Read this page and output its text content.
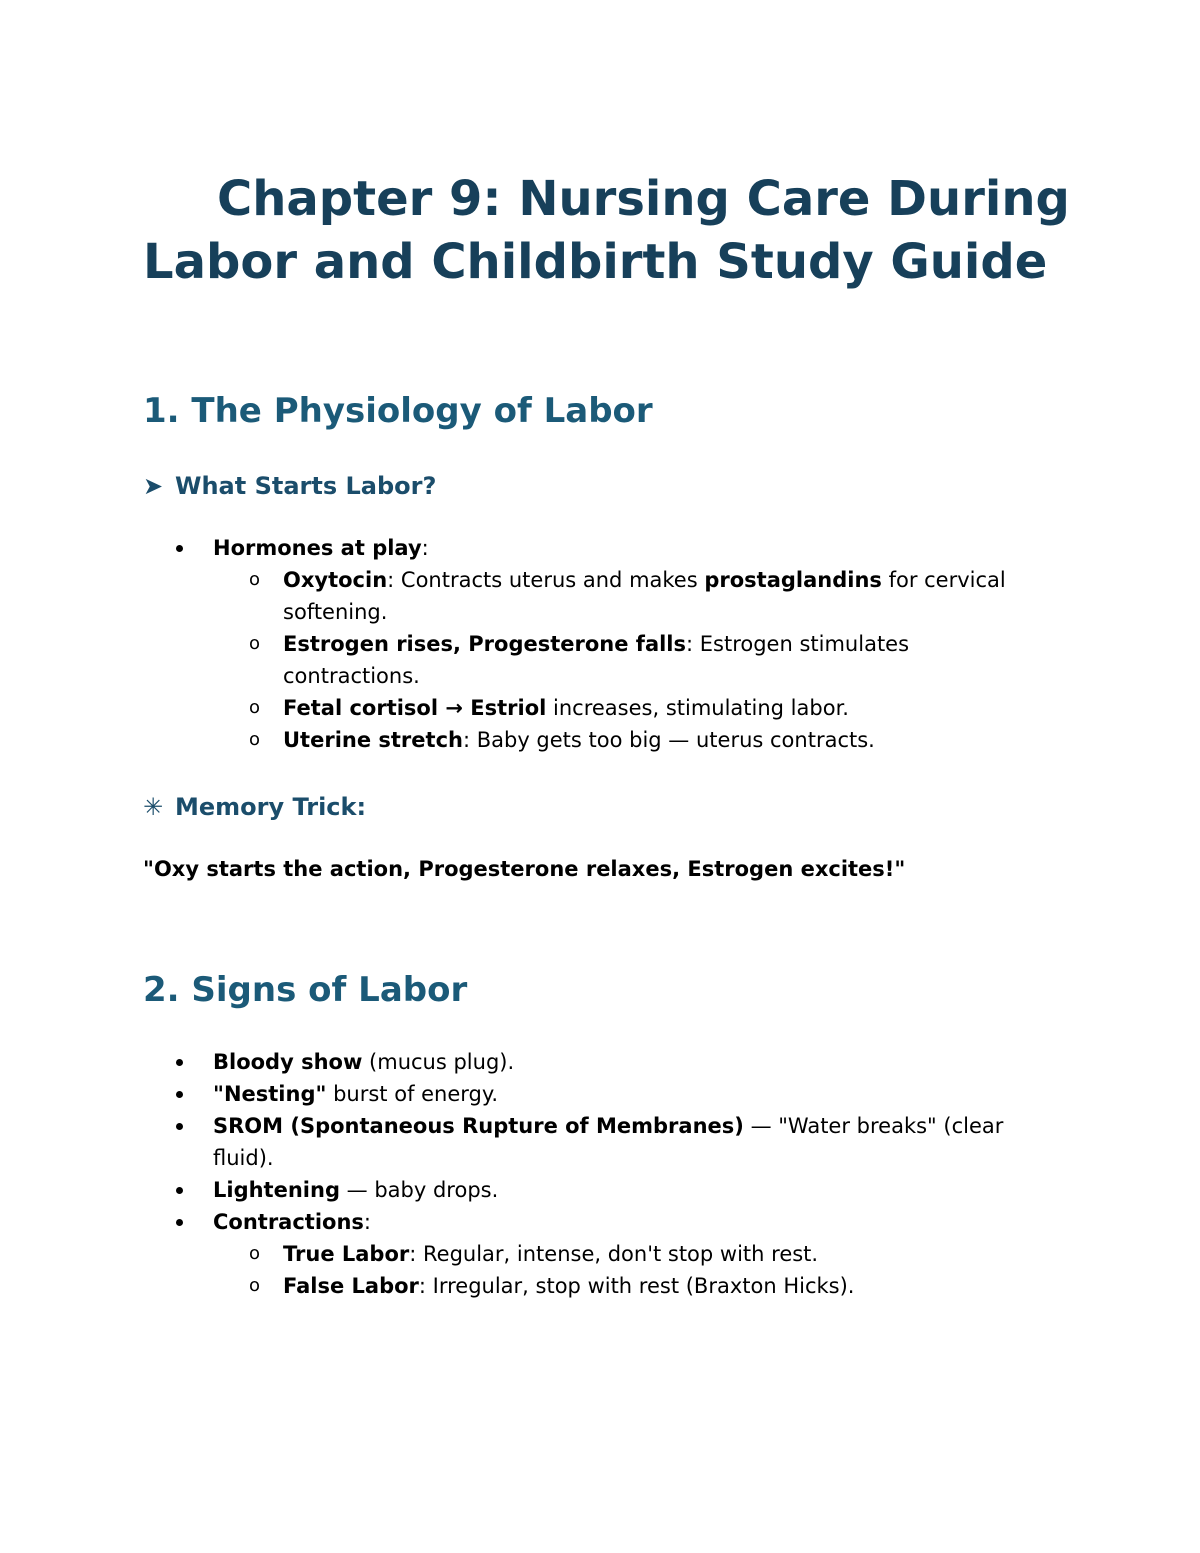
Chapter 9: Nursing Care During Labor and Childbirth Study Guide
1. The Physiology of Labor
➤ What Starts Labor?
Hormones at play:
o Oxytocin: Contracts uterus and makes prostaglandins for cervical softening.
o Estrogen rises, Progesterone falls: Estrogen stimulates contractions.
o Fetal cortisol → Estriol increases, stimulating labor.
o Uterine stretch: Baby gets too big — uterus contracts.
✳ Memory Trick:

"Oxy starts the action, Progesterone relaxes, Estrogen excites!"

2. Signs of Labor
Bloody show (mucus plug).
"Nesting" burst of energy.
SROM (Spontaneous Rupture of Membranes) — "Water breaks" (clear fluid).
Lightening — baby drops.
Contractions:
o True Labor: Regular, intense, don't stop with rest.
o False Labor: Irregular, stop with rest (Braxton Hicks).
